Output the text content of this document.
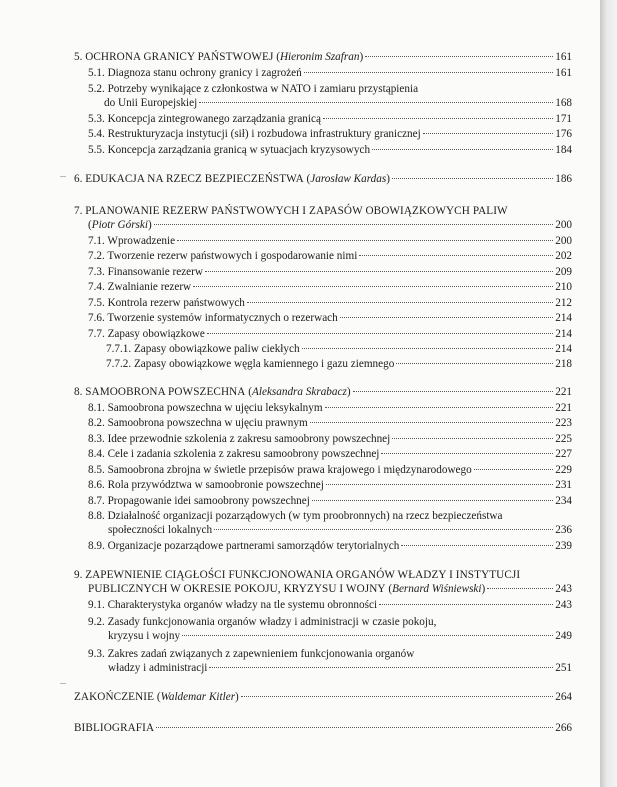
5. OCHRONA GRANICY PAŃSTWOWEJ (Hieronim Szafran)	161
5.1. Diagnoza stanu ochrony granicy i zagrożeń	161
5.2. Potrzeby wynikające z członkostwa w NATO i zamiaru przystąpienia
do Unii Europejskiej	168
5.3. Koncepcja zintegrowanego zarządzania granicą	171
5.4. Restrukturyzacja instytucji (sił) i rozbudowa infrastruktury granicznej	176
5.5. Koncepcja zarządzania granicą w sytuacjach kryzysowych	184
6. EDUKACJA NA RZECZ BEZPIECZEŃSTWA (Jarosław Kardas)	186
7. PLANOWANIE REZERW PAŃSTWOWYCH I ZAPASÓW OBOWIĄZKOWYCH PALIW
(Piotr Górski)	200
7.1. Wprowadzenie	200
7.2. Tworzenie rezerw państwowych i gospodarowanie nimi	202
7.3. Finansowanie rezerw	209
7.4. Zwalnianie rezerw	210
7.5. Kontrola rezerw państwowych	212
7.6. Tworzenie systemów informatycznych o rezerwach	214
7.7. Zapasy obowiązkowe	214
7.7.1. Zapasy obowiązkowe paliw ciekłych	214
7.7.2. Zapasy obowiązkowe węgla kamiennego i gazu ziemnego	218
8. SAMOOBRONA POWSZECHNA (Aleksandra Skrabacz)	221
8.1. Samoobrona powszechna w ujęciu leksykalnym	221
8.2. Samoobrona powszechna w ujęciu prawnym	223
8.3. Idee przewodnie szkolenia z zakresu samoobrony powszechnej	225
8.4. Cele i zadania szkolenia z zakresu samoobrony powszechnej	227
8.5. Samoobrona zbrojna w świetle przepisów prawa krajowego i międzynarodowego	229
8.6. Rola przywództwa w samoobronie powszechnej	231
8.7. Propagowanie idei samoobrony powszechnej	234
8.8. Działalność organizacji pozarządowych (w tym proobronnych) na rzecz bezpieczeństwa
społeczności lokalnych	236
8.9. Organizacje pozarządowe partnerami samorządów terytorialnych	239
9. ZAPEWNIENIE CIĄGŁOŚCI FUNKCJONOWANIA ORGANÓW WŁADZY I INSTYTUCJI
PUBLICZNYCH W OKRESIE POKOJU, KRYZYSU I WOJNY (Bernard Wiśniewski)	243
9.1. Charakterystyka organów władzy na tle systemu obronności	243
9.2. Zasady funkcjonowania organów władzy i administracji w czasie pokoju,
kryzysu i wojny	249
9.3. Zakres zadań związanych z zapewnieniem funkcjonowania organów
władzy i administracji	251
ZAKOŃCZENIE (Waldemar Kitler)	264
BIBLIOGRAFIA	266
